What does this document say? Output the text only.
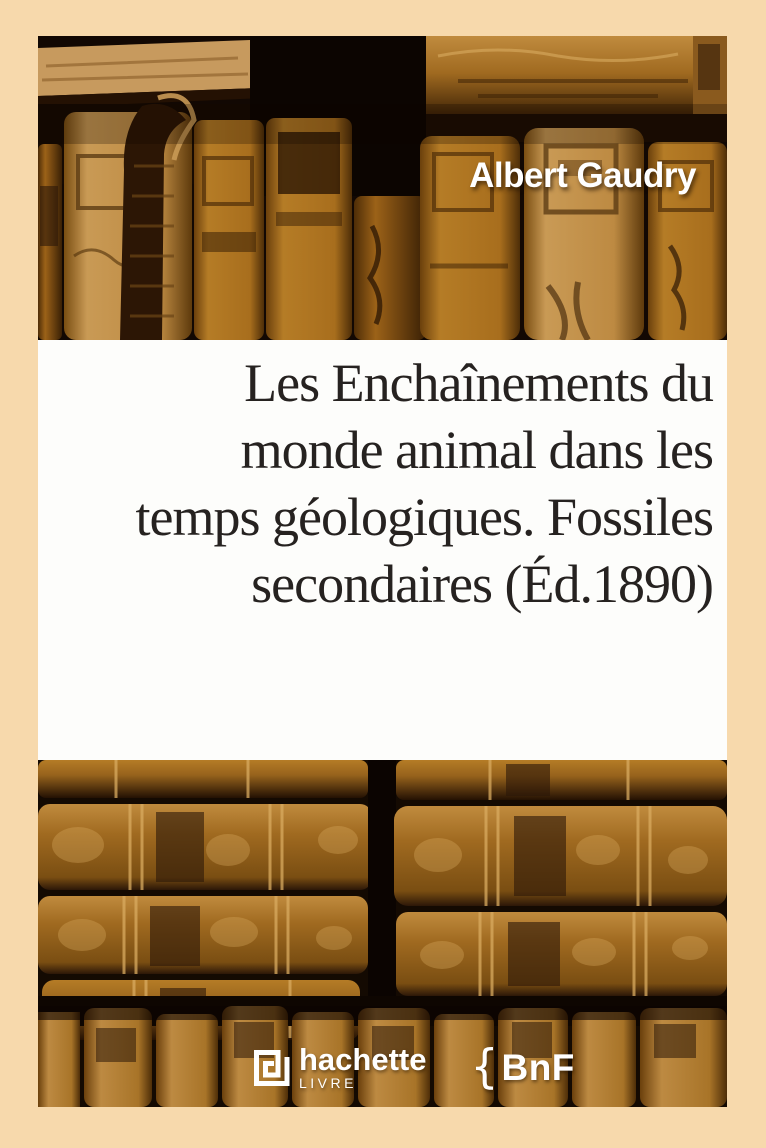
Les Enchaînements du
monde animal dans les
temps géologiques. Fossiles
secondaires (Éd.1890)
Albert Gaudry
hachette
LIVRE	{ BnF
